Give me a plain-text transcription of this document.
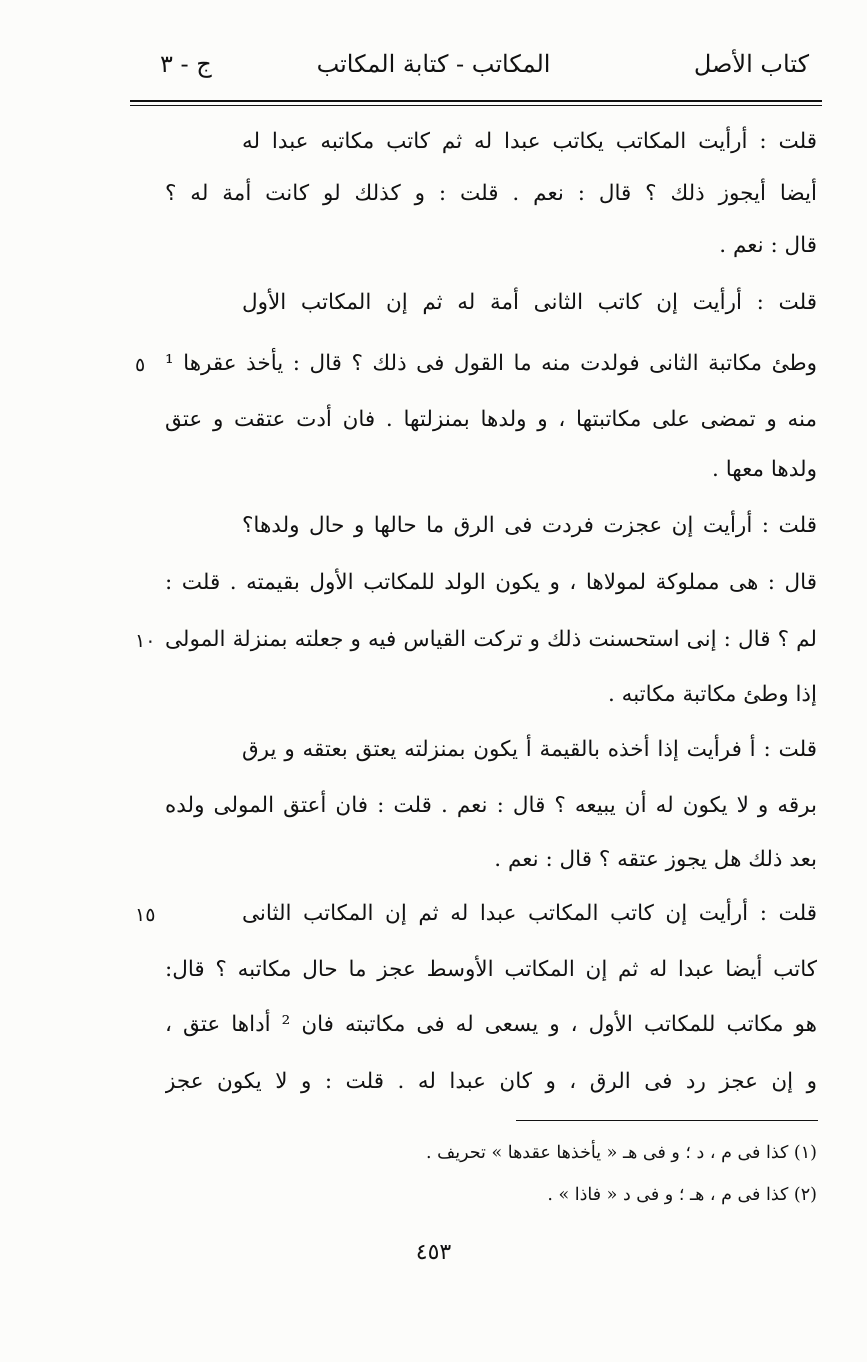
كتاب الأصل
المكاتب - كتابة المكاتب
ج - ٣
قلت : أرأيت المكاتب يكاتب عبدا له ثم كاتب مكاتبه عبدا له
أيضا أيجوز ذلك ؟ قال : نعم . قلت : و كذلك لو كانت أمة له ؟
قال : نعم .
قلت : أرأيت إن كاتب الثانى أمة له ثم إن المكاتب الأول
وطئ مكاتبة الثانى فولدت منه ما القول فى ذلك ؟ قال : يأخذ عقرها ¹
منه و تمضى على مكاتبتها ، و ولدها بمنزلتها . فان أدت عتقت و عتق
ولدها معها .
قلت : أرأيت إن عجزت فردت فى الرق ما حالها و حال ولدها؟
قال : هى مملوكة لمولاها ، و يكون الولد للمكاتب الأول بقيمته . قلت :
لم ؟ قال : إنى استحسنت ذلك و تركت القياس فيه و جعلته بمنزلة المولى
إذا وطئ مكاتبة مكاتبه .
قلت : أ فرأيت إذا أخذه بالقيمة أ يكون بمنزلته يعتق بعتقه و يرق
برقه و لا يكون له أن يبيعه ؟ قال : نعم . قلت : فان أعتق المولى ولده
بعد ذلك هل يجوز عتقه ؟ قال : نعم .
قلت : أرأيت إن كاتب المكاتب عبدا له ثم إن المكاتب الثانى
كاتب أيضا عبدا له ثم إن المكاتب الأوسط عجز ما حال مكاتبه ؟ قال:
هو مكاتب للمكاتب الأول ، و يسعى له فى مكاتبته فان ² أداها عتق ،
و إن عجز رد فى الرق ، و كان عبدا له . قلت : و لا يكون عجز
٥
١٠
١٥
(١) كذا فى م ، د ؛ و فى هـ « يأخذها عقدها » تحريف .
(٢) كذا فى م ، هـ ؛ و فى د « فاذا » .
٤٥٣
